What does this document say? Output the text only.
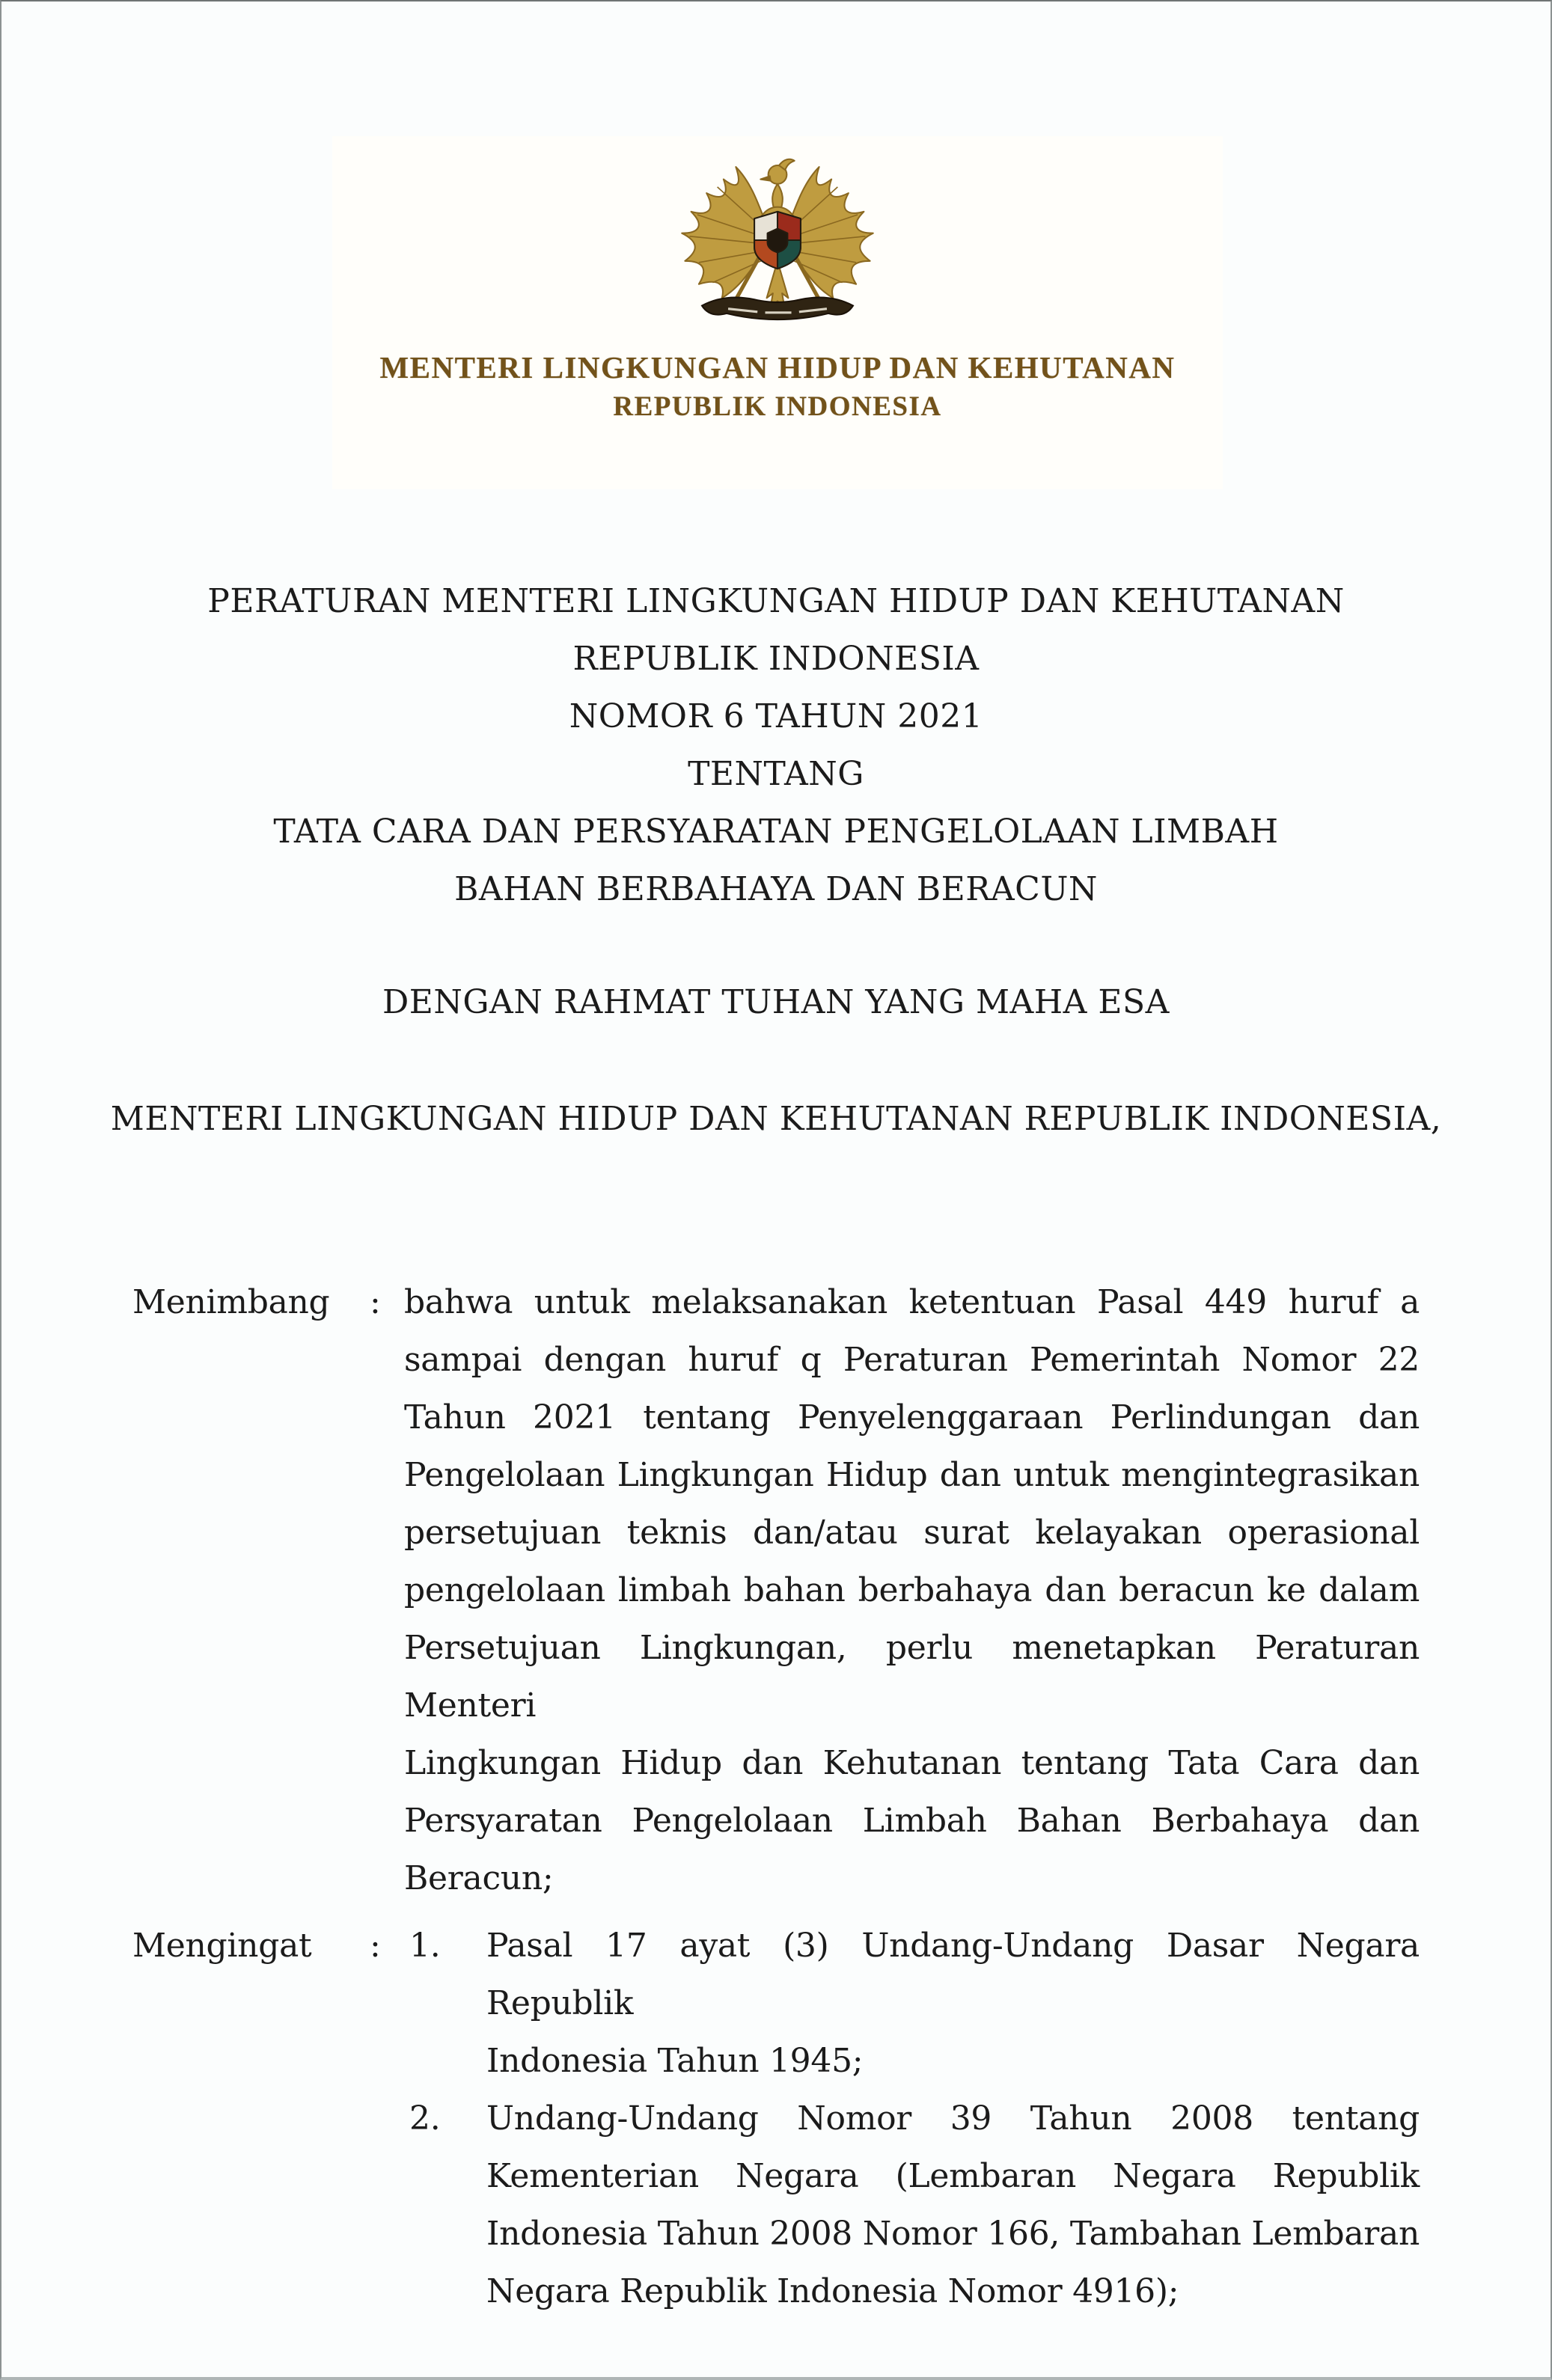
MENTERI LINGKUNGAN HIDUP DAN KEHUTANAN
REPUBLIK INDONESIA
PERATURAN MENTERI LINGKUNGAN HIDUP DAN KEHUTANAN
REPUBLIK INDONESIA
NOMOR 6 TAHUN 2021
TENTANG
TATA CARA DAN PERSYARATAN PENGELOLAAN LIMBAH
BAHAN BERBAHAYA DAN BERACUN
DENGAN RAHMAT TUHAN YANG MAHA ESA
MENTERI LINGKUNGAN HIDUP DAN KEHUTANAN REPUBLIK INDONESIA,
Menimbang : bahwa untuk melaksanakan ketentuan Pasal 449 huruf a
sampai dengan huruf q Peraturan Pemerintah Nomor 22
Tahun 2021 tentang Penyelenggaraan Perlindungan dan
Pengelolaan Lingkungan Hidup dan untuk mengintegrasikan
persetujuan teknis dan/atau surat kelayakan operasional
pengelolaan limbah bahan berbahaya dan beracun ke dalam
Persetujuan Lingkungan, perlu menetapkan Peraturan Menteri
Lingkungan Hidup dan Kehutanan tentang Tata Cara dan
Persyaratan Pengelolaan Limbah Bahan Berbahaya dan
Beracun;
Mengingat : 1.	Pasal 17 ayat (3) Undang-Undang Dasar Negara Republik
Indonesia Tahun 1945;
2.	Undang-Undang Nomor 39 Tahun 2008 tentang
Kementerian Negara (Lembaran Negara Republik
Indonesia Tahun 2008 Nomor 166, Tambahan Lembaran
Negara Republik Indonesia Nomor 4916);
